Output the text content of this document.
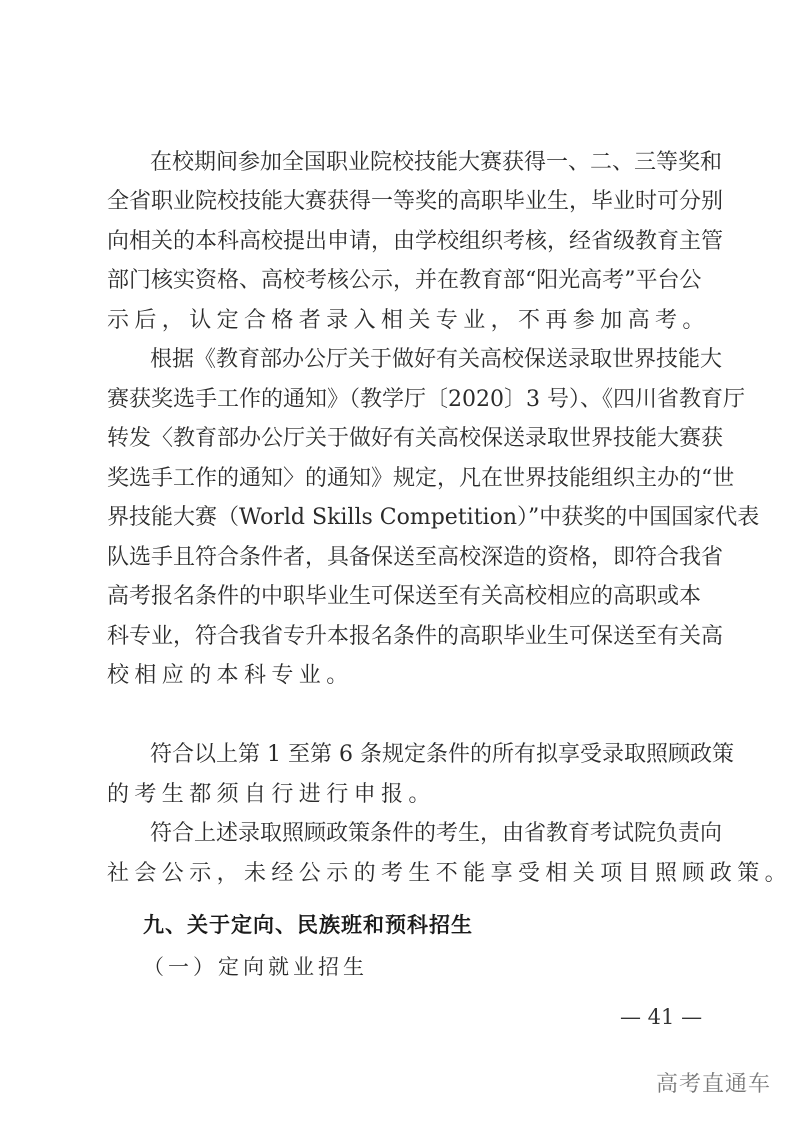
在校期间参加全国职业院校技能大赛获得一、二、三等奖和
全省职业院校技能大赛获得一等奖的高职毕业生，毕业时可分别
向相关的本科高校提出申请，由学校组织考核，经省级教育主管
部门核实资格、高校考核公示，并在教育部“阳光高考”平台公
示后，认定合格者录入相关专业，不再参加高考。
根据《教育部办公厅关于做好有关高校保送录取世界技能大
赛获奖选手工作的通知》（教学厅〔2020〕3 号）、《四川省教育厅
转发〈教育部办公厅关于做好有关高校保送录取世界技能大赛获
奖选手工作的通知〉的通知》规定，凡在世界技能组织主办的“世
界技能大赛（World Skills Competition）”中获奖的中国国家代表
队选手且符合条件者，具备保送至高校深造的资格，即符合我省
高考报名条件的中职毕业生可保送至有关高校相应的高职或本
科专业，符合我省专升本报名条件的高职毕业生可保送至有关高
校相应的本科专业。
符合以上第 1 至第 6 条规定条件的所有拟享受录取照顾政策
的考生都须自行进行申报。
符合上述录取照顾政策条件的考生，由省教育考试院负责向
社会公示，未经公示的考生不能享受相关项目照顾政策。
九、关于定向、民族班和预科招生
（一）定向就业招生
— 41 —
高考直通车
